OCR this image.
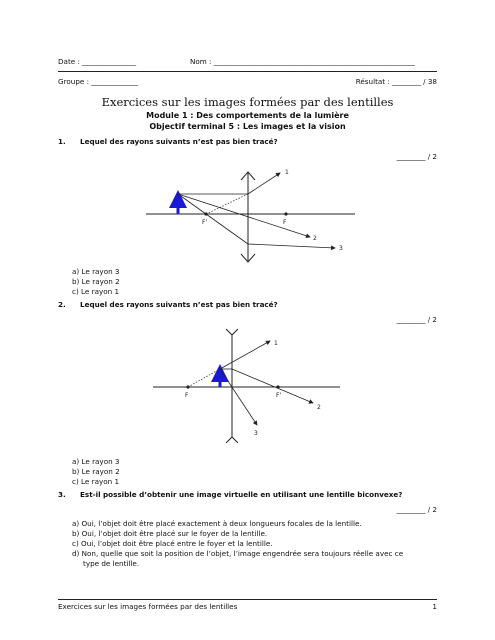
Date : _______________	Nom : ________________________________________________________
Groupe : _____________	Résultat : ________ / 38
Exercices sur les images formées par des lentilles
Module 1 : Des comportements de la lumière
Objectif terminal 5 : Les images et la vision
1. Lequel des rayons suivants n’est pas bien tracé?
________ / 2
F'	F
1
2
3
a) Le rayon 3
b) Le rayon 2
c) Le rayon 1
2. Lequel des rayons suivants n’est pas bien tracé?
________ / 2
F	F'
1
2
3
a) Le rayon 3
b) Le rayon 2
c) Le rayon 1
3. Est-il possible d’obtenir une image virtuelle en utilisant une lentille biconvexe?
________ / 2
a) Oui, l’objet doit être placé exactement à deux longueurs focales de la lentille.
b) Oui, l’objet doit être placé sur le foyer de la lentille.
c) Oui, l’objet doit être placé entre le foyer et la lentille.
d) Non, quelle que soit la position de l’objet, l’image engendrée sera toujours réelle avec ce
type de lentille.
Exercices sur les images formées par des lentilles	1
